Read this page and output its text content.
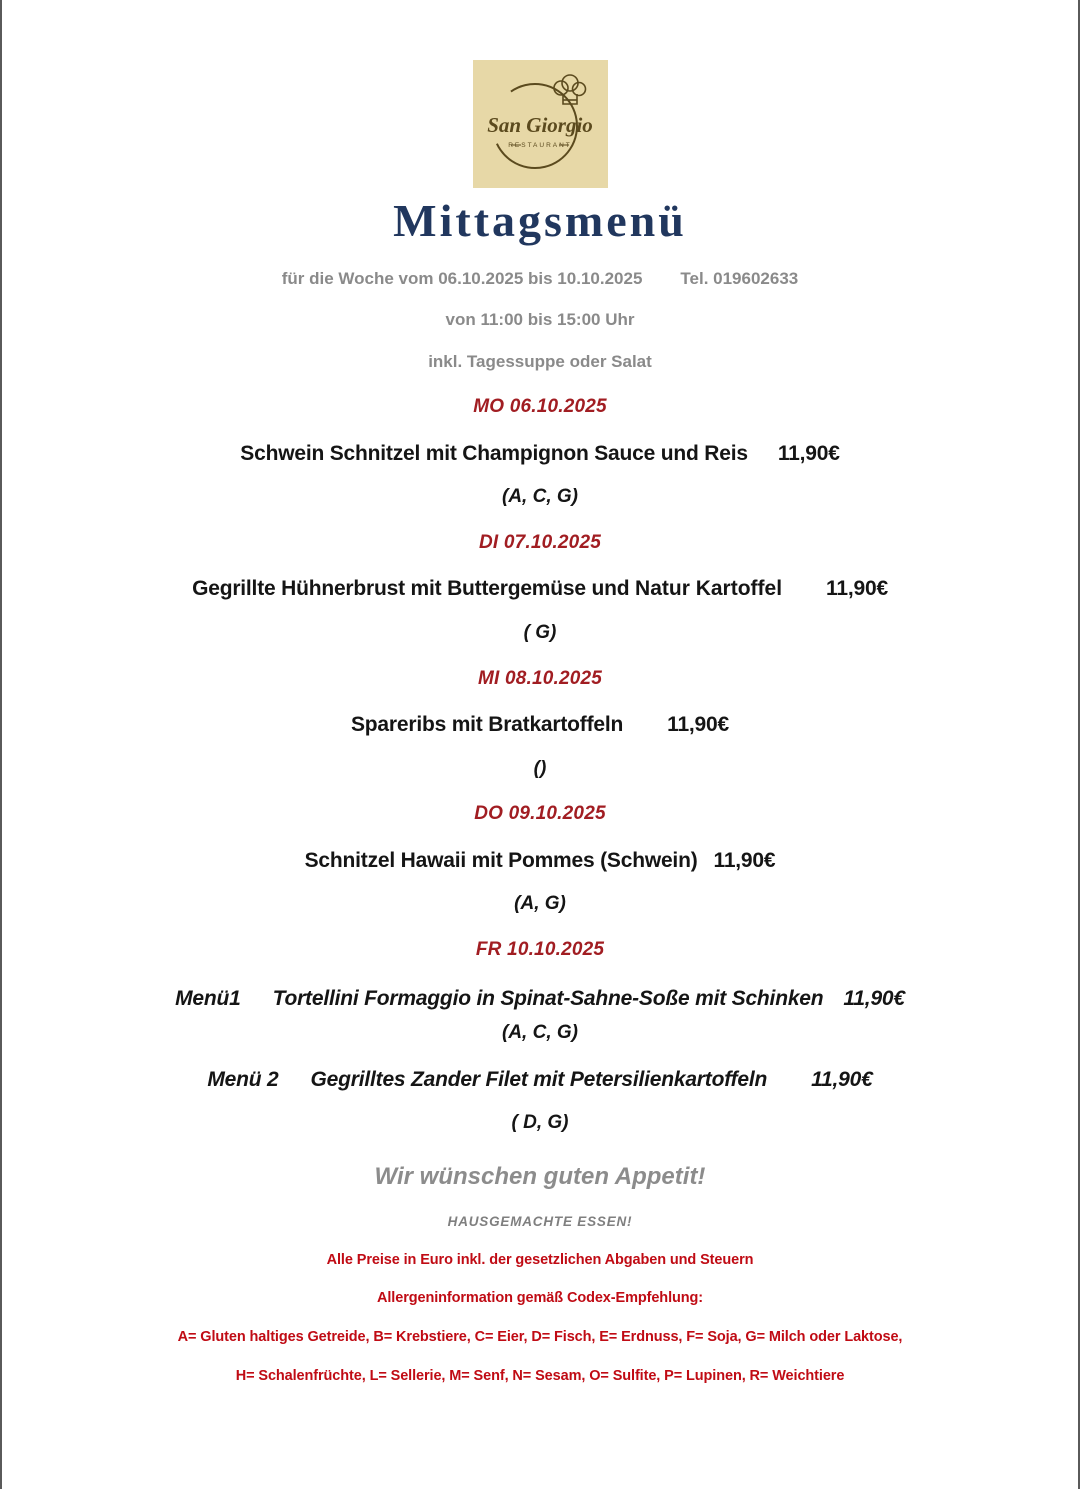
San Giorgio
RESTAURANT
Mittagsmenü
für die Woche vom 06.10.2025 bis 10.10.2025 Tel. 019602633
von 11:00 bis 15:00 Uhr
inkl. Tagessuppe oder Salat
MO 06.10.2025
Schwein Schnitzel mit Champignon Sauce und Reis 11,90€
(A, C, G)
DI 07.10.2025
Gegrillte Hühnerbrust mit Buttergemüse und Natur Kartoffel 11,90€
( G)
MI 08.10.2025
Spareribs mit Bratkartoffeln 11,90€
()
DO 09.10.2025
Schnitzel Hawaii mit Pommes (Schwein) 11,90€
(A, G)
FR 10.10.2025
Menü1 Tortellini Formaggio in Spinat-Sahne-Soße mit Schinken 11,90€
(A, C, G)
Menü 2 Gegrilltes Zander Filet mit Petersilienkartoffeln 11,90€
( D, G)
Wir wünschen guten Appetit!
HAUSGEMACHTE ESSEN!
Alle Preise in Euro inkl. der gesetzlichen Abgaben und Steuern
Allergeninformation gemäß Codex-Empfehlung:
A= Gluten haltiges Getreide, B= Krebstiere, C= Eier, D= Fisch, E= Erdnuss, F= Soja, G= Milch oder Laktose,
H= Schalenfrüchte, L= Sellerie, M= Senf, N= Sesam, O= Sulfite, P= Lupinen, R= Weichtiere
